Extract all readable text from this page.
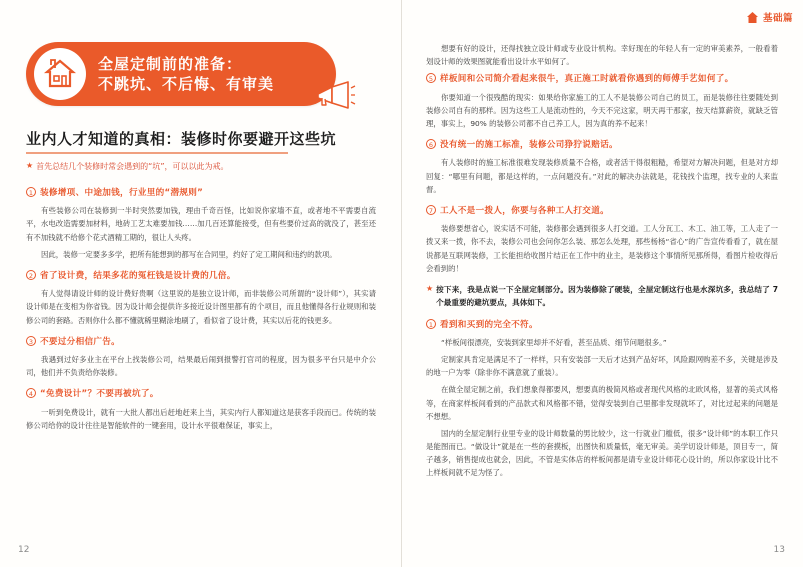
全屋定制前的准备：
不跳坑、不后悔、有审美
业内人才知道的真相：装修时你要避开这些坑
★ 首先总结几个装修时常会遇到的“坑”，可以以此为戒。
1 装修增项、中途加钱，行业里的“潜规则”

有些装修公司在装修到一半时突然要加钱，理由千奇百怪，比如说你家墙不直，或者地不平需要自流平，水电改造需要加材料，地砖工艺太难要加钱……加几百还算能接受，但有些要价过高的就没了，甚至还有不加钱就不给修个花式酒精工期的，很让人头疼。

因此，装修一定要多多学，把所有能想到的都写在合同里，约好了定工期间和违约的款项。

2 省了设计费，结果多花的冤枉钱是设计费的几倍。

有人觉得请设计师的设计费好贵啊（这里说的是独立设计师，而非装修公司所谓的“设计师”），其实请设计师是在变相为你省钱。因为设计师会提供许多接近设计图里都有的个项目，而且他懂得各行业规则和装修公司的套路。否则你什么都不懂就稀里糊涂地刷了，看似省了设计费，其实以后花的钱更多。

3 不要过分相信广告。

我遇到过好多业主在平台上找装修公司，结果最后闹到报警打官司的程度，因为很多平台只是中介公司，他们并不负责给你装修。

4 “免费设计”？不要再被坑了。

一听到免费设计，就有一大批人都出后赶地赶来上当，其实内行人都知道这是获客手段而已。传统的装修公司给你的设计往往是智能软件的一键套用，设计水平很难保证，事实上，

12
基础篇

想要有好的设计，还得找独立设计师或专业设计机构。幸好现在的年轻人有一定的审美素养，一般看着划设计师的效果图就能看出设计水平如何了。

5 样板间和公司简介看起来很牛，真正施工时就看你遇到的师傅手艺如何了。

你要知道一个很残酷的现实：如果给你家施工的工人不是装修公司自己的员工，而是装修往往要随处到装修公司自有的那样。因为这些工人是流动性的，今天不完这家，明天再干那家，按天结算薪资，就缺乏管理，事实上，90% 的装修公司都不自己养工人，因为真的养不起来！

6 没有统一的施工标准，装修公司狰狞说赔话。

有人装修时的施工标准很难发现装修质量不合格，或者活干得很粗糙，希望对方解决问题，但是对方却回复：“哪里有问题，都是这样的，一点问题没有。”对此的解决办法就是，花钱找个监理，找专业的人来监督。

7 工人不是一拨人，你要与各种工人打交道。

装修要想省心，说实话不可能，装修都会遇到很多人打交道。工人分瓦工、木工、油工等，工人走了一拨又来一拨，你不去，装修公司也会问你怎么装、那怎么处理，那些杨杨“省心”的广告宣传看看了，就在屋说都是互联网装修，工长能担给收图片结正在工作中的业主，是装修这个事情所见那所得，看图片检收得后会看到的！

★ 按下来，我是点说一下全屋定制部分。因为装修除了硬装，全屋定制这行也是水深坑多，我总结了 7 个最重要的避坑要点，具体如下。
1 看到和买到的完全不符。

“样板间很漂亮，安装到家里却并不好看，甚至品质、细节问题很多。”

定制家具肯定是满足不了一样样，只有安装部一天后才达到产品好坏，风险跟网购差不多，关键是涉及的地一户为零（除非你不满意就了重装）。

在做全屋定制之前，我们想象得都要风，想要真的极简风格或者现代风格的北欧风格，显著的美式风格等，在商家样板间看到的产品款式和风格都不错，觉得安装到自己里都非发现就坏了，对比过起来的问题是不想想。

国内的全屋定制行业里专业的设计师数量的男比较少，这一行就业门槛低，很多“设计师”的本职工作只是能图而已。“做设计”就是在一些的套摸板，出图快和质量低，毫无审美。美学切设计师是，顶目专一，简子越多，销售提成也就会，因此，不管是实体店的样板间都是请专业设计师花心设计的，所以你家设计比不上样板间就不足为怪了。

13
